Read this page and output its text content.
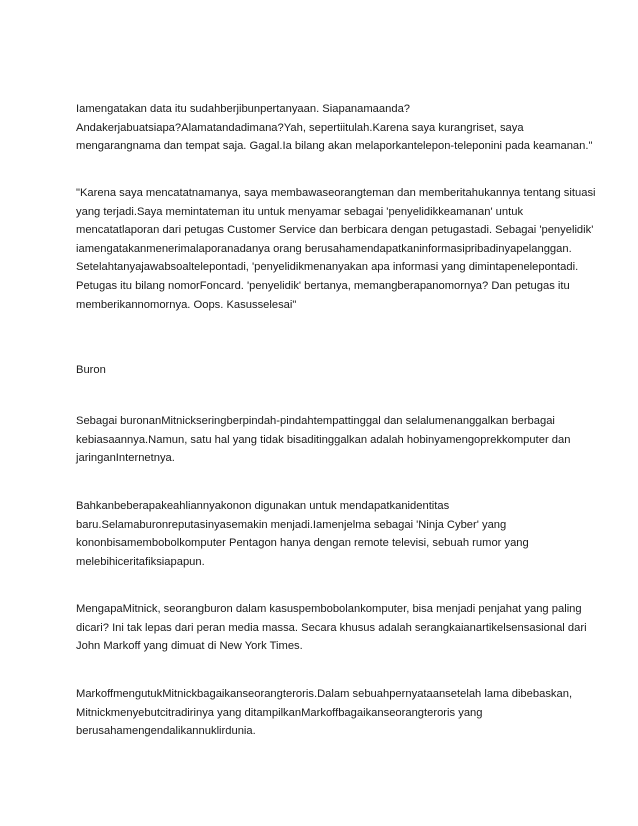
Iamengatakan data itu sudahberjibunpertanyaan. Siapanamaanda?
Andakerjabuatsiapa?Alamatandadimana?Yah, sepertiitulah.Karena saya kurangriset, saya
mengarangnama dan tempat saja. Gagal.Ia bilang akan melaporkantelepon-teleponini pada keamanan."

"Karena saya mencatatnamanya, saya membawaseorangteman dan memberitahukannya tentang situasi
yang terjadi.Saya memintateman itu untuk menyamar sebagai 'penyelidikkeamanan' untuk
mencatatlaporan dari petugas Customer Service dan berbicara dengan petugastadi. Sebagai 'penyelidik'
iamengatakanmenerimalaporanadanya orang berusahamendapatkaninformasipribadinyapelanggan.
Setelahtanyajawabsoaltelepontadi, 'penyelidikmenanyakan apa informasi yang dimintapenelepontadi.
Petugas itu bilang nomorFoncard. 'penyelidik' bertanya, memangberapanomornya? Dan petugas itu
memberikannomornya. Oops. Kasusselesai"

Buron

Sebagai buronanMitnickseringberpindah-pindahtempattinggal dan selalumenanggalkan berbagai
kebiasaannya.Namun, satu hal yang tidak bisaditinggalkan adalah hobinyamengoprekkomputer dan
jaringanInternetnya.

Bahkanbeberapakeahliannyakonon digunakan untuk mendapatkanidentitas
baru.Selamaburonreputasinyasemakin menjadi.Iamenjelma sebagai 'Ninja Cyber' yang
kononbisamembobolkomputer Pentagon hanya dengan remote televisi, sebuah rumor yang
melebihiceritafiksiapapun.

MengapaMitnick, seorangburon dalam kasuspembobolankomputer, bisa menjadi penjahat yang paling
dicari? Ini tak lepas dari peran media massa. Secara khusus adalah serangkaianartikelsensasional dari
John Markoff yang dimuat di New York Times.

MarkoffmengutukMitnickbagaikanseorangteroris.Dalam sebuahpernyataansetelah lama dibebaskan,
Mitnickmenyebutcitradirinya yang ditampilkanMarkoffbagaikanseorangteroris yang
berusahamengendalikannuklirdunia.
